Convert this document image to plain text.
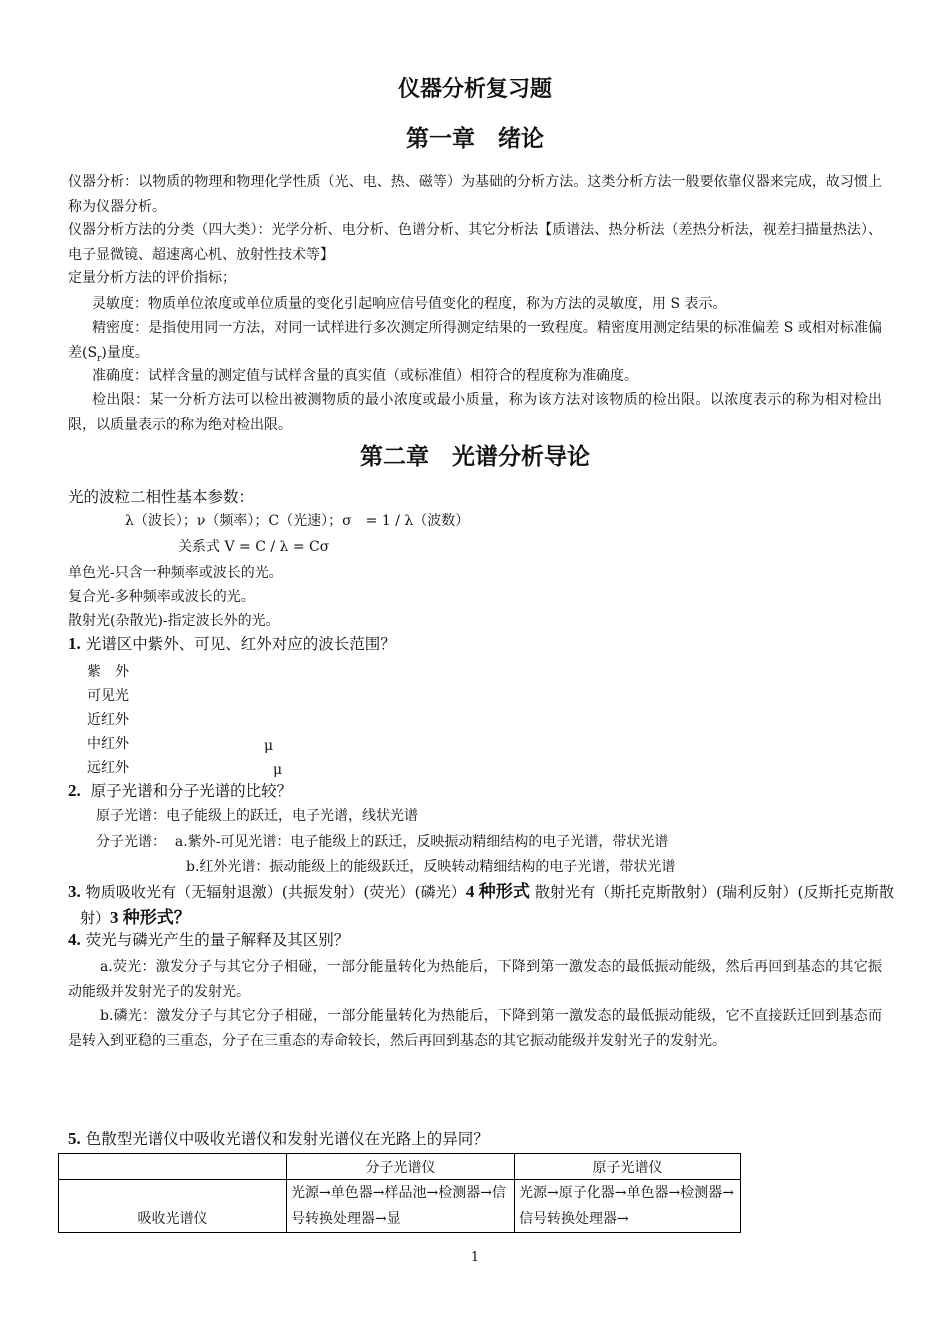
仪器分析复习题
第一章　绪论
仪器分析：以物质的物理和物理化学性质（光、电、热、磁等）为基础的分析方法。这类分析方法一般要依靠仪器来完成，故习惯上称为仪器分析。
仪器分析方法的分类（四大类）：光学分析、电分析、色谱分析、其它分析法【质谱法、热分析法（差热分析法，视差扫描量热法）、电子显微镜、超速离心机、放射性技术等】
定量分析方法的评价指标；
灵敏度：物质单位浓度或单位质量的变化引起响应信号值变化的程度，称为方法的灵敏度，用 S 表示。
精密度：是指使用同一方法，对同一试样进行多次测定所得测定结果的一致程度。精密度用测定结果的标准偏差 S 或相对标准偏差$(S_r)$量度。
准确度：试样含量的测定值与试样含量的真实值（或标准值）相符合的程度称为准确度。
检出限：某一分析方法可以检出被测物质的最小浓度或最小质量，称为该方法对该物质的检出限。以浓度表示的称为相对检出限，以质量表示的称为绝对检出限。
第二章　光谱分析导论
光的波粒二相性基本参数：
λ（波长）；ν（频率）；C（光速）；σ　= 1 / λ（波数）
关系式 V = C / λ = Cσ
单色光-只含一种频率或波长的光。
复合光-多种频率或波长的光。
散射光(杂散光)-指定波长外的光。
1. 光谱区中紫外、可见、红外对应的波长范围？
紫　外
可见光
近红外
中红外	μ
远红外	μ
2. 原子光谱和分子光谱的比较？
原子光谱：电子能级上的跃迁，电子光谱，线状光谱
分子光谱： a.紫外-可见光谱：电子能级上的跃迁，反映振动精细结构的电子光谱，带状光谱
b.红外光谱：振动能级上的能级跃迁，反映转动精细结构的电子光谱，带状光谱
3. 物质吸收光有（无辐射退激）(共振发射）(荧光）(磷光）4 种形式 散射光有（斯托克斯散射）(瑞利反射）(反斯托克斯散射）3 种形式？
4. 荧光与磷光产生的量子解释及其区别？
a.荧光：激发分子与其它分子相碰，一部分能量转化为热能后，下降到第一激发态的最低振动能级，然后再回到基态的其它振动能级并发射光子的发射光。
b.磷光：激发分子与其它分子相碰，一部分能量转化为热能后，下降到第一激发态的最低振动能级，它不直接跃迁回到基态而是转入到亚稳的三重态，分子在三重态的寿命较长，然后再回到基态的其它振动能级并发射光子的发射光。
5. 色散型光谱仪中吸收光谱仪和发射光谱仪在光路上的异同？
	分子光谱仪	原子光谱仪
吸收光谱仪	光源→单色器→样品池→检测器→信号转换处理器→显	光源→原子化器→单色器→检测器→信号转换处理器→
1
